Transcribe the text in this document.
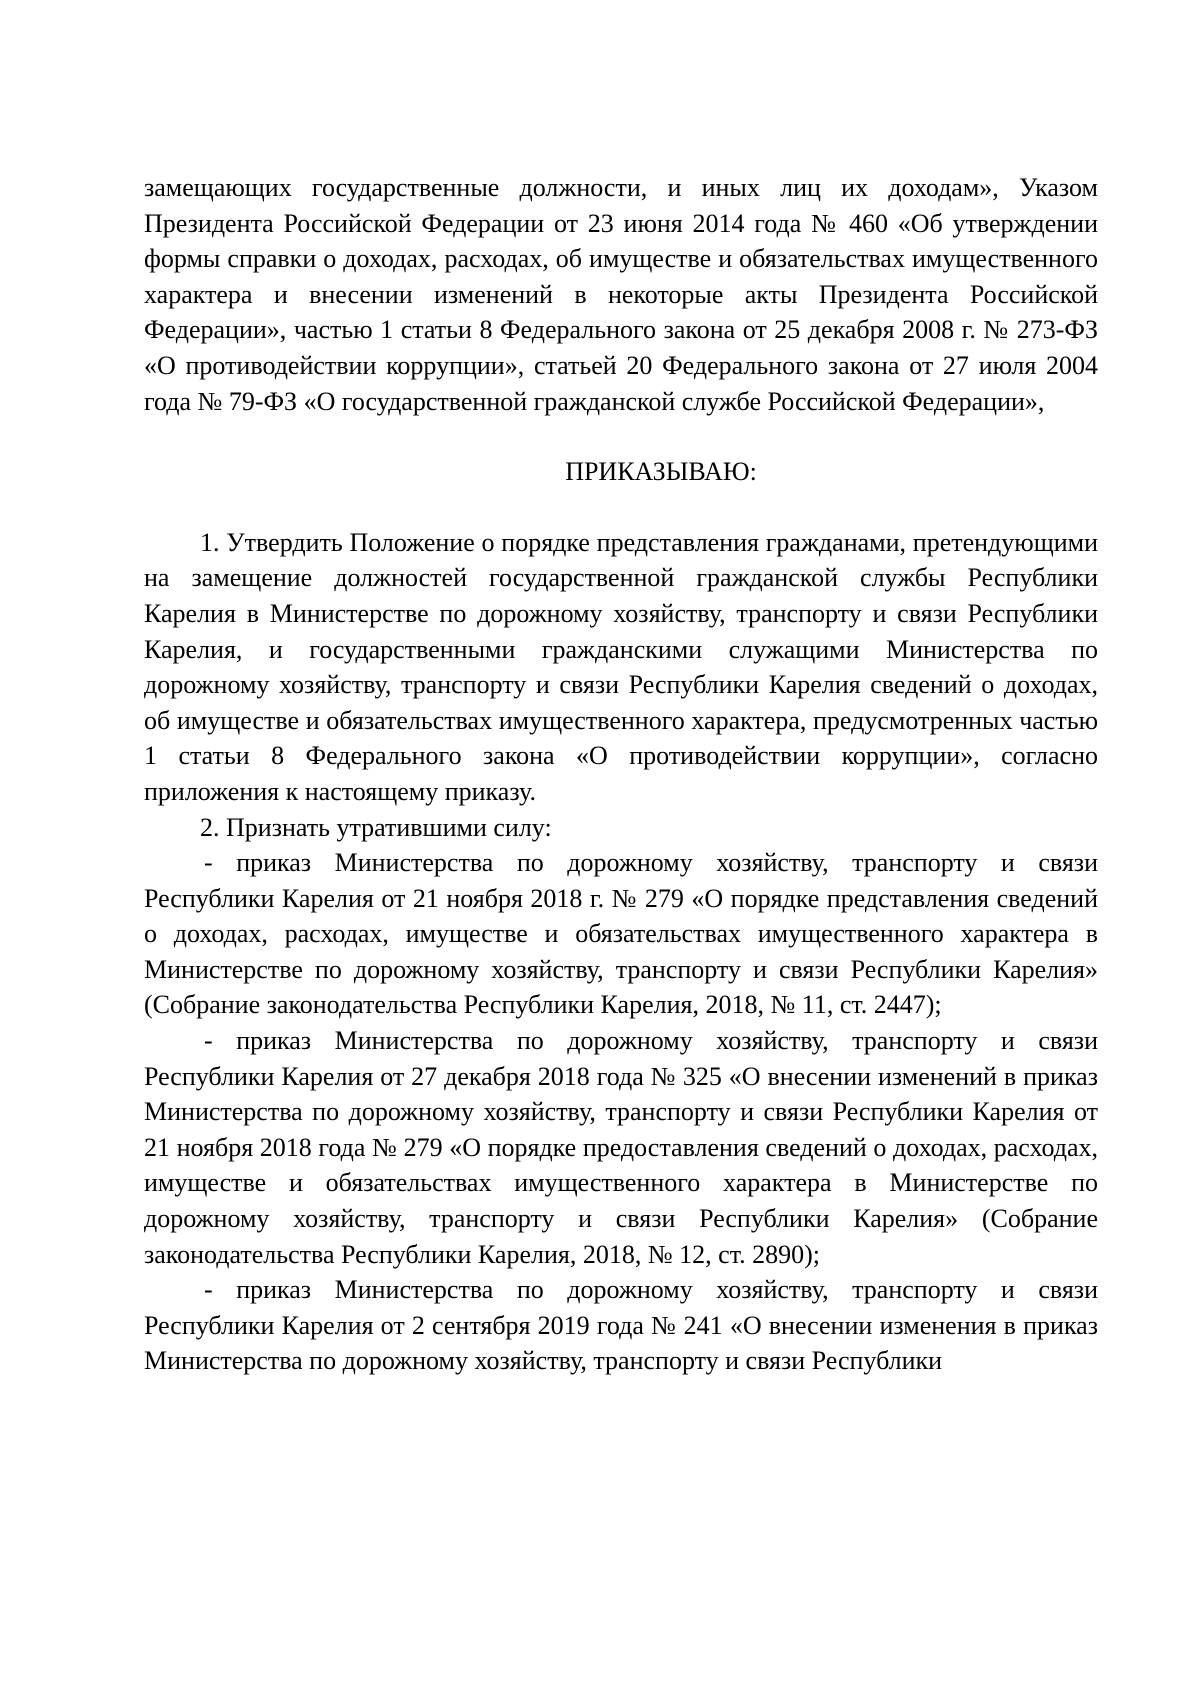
замещающих государственные должности, и иных лиц их доходам», Указом Президента Российской Федерации от 23 июня 2014 года № 460 «Об утверждении формы справки о доходах, расходах, об имуществе и обязательствах имущественного характера и внесении изменений в некоторые акты Президента Российской Федерации», частью 1 статьи 8 Федерального закона от 25 декабря 2008 г. № 273-ФЗ «О противодействии коррупции», статьей 20 Федерального закона от 27 июля 2004 года № 79-ФЗ «О государственной гражданской службе Российской Федерации»,

ПРИКАЗЫВАЮ:

1. Утвердить Положение о порядке представления гражданами, претендующими на замещение должностей государственной гражданской службы Республики Карелия в Министерстве по дорожному хозяйству, транспорту и связи Республики Карелия, и государственными гражданскими служащими Министерства по дорожному хозяйству, транспорту и связи Республики Карелия сведений о доходах, об имуществе и обязательствах имущественного характера, предусмотренных частью 1 статьи 8 Федерального закона «О противодействии коррупции», согласно приложения к настоящему приказу.

2. Признать утратившими силу:

- приказ Министерства по дорожному хозяйству, транспорту и связи Республики Карелия от 21 ноября 2018 г. № 279 «О порядке представления сведений о доходах, расходах, имуществе и обязательствах имущественного характера в Министерстве по дорожному хозяйству, транспорту и связи Республики Карелия» (Собрание законодательства Республики Карелия, 2018, № 11, ст. 2447);

- приказ Министерства по дорожному хозяйству, транспорту и связи Республики Карелия от 27 декабря 2018 года № 325 «О внесении изменений в приказ Министерства по дорожному хозяйству, транспорту и связи Республики Карелия от 21 ноября 2018 года № 279 «О порядке предоставления сведений о доходах, расходах, имуществе и обязательствах имущественного характера в Министерстве по дорожному хозяйству, транспорту и связи Республики Карелия» (Собрание законодательства Республики Карелия, 2018, № 12, ст. 2890);

- приказ Министерства по дорожному хозяйству, транспорту и связи Республики Карелия от 2 сентября 2019 года № 241 «О внесении изменения в приказ Министерства по дорожному хозяйству, транспорту и связи Республики
